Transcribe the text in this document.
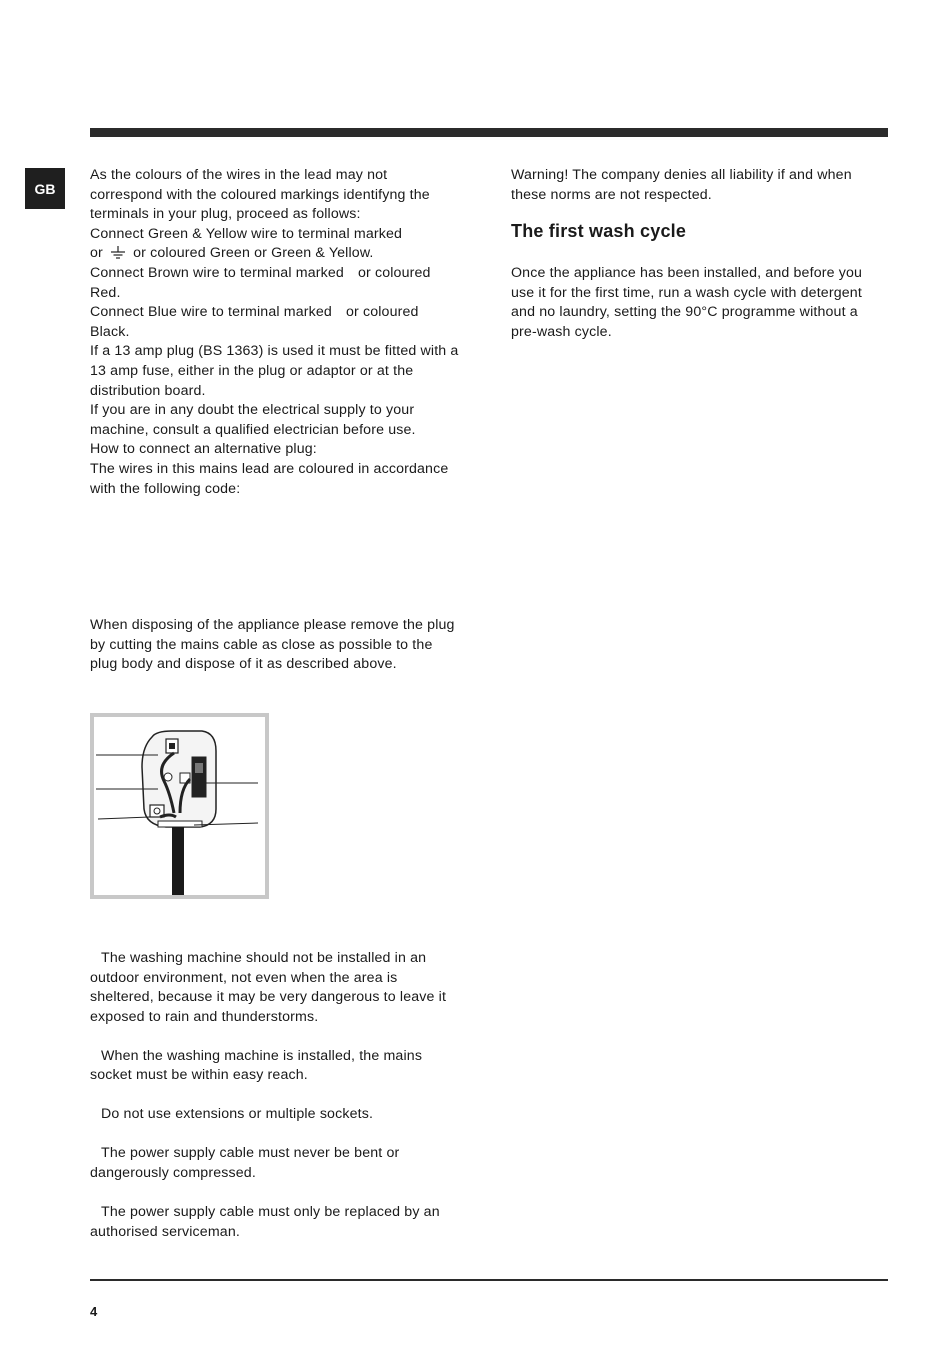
GB

As the colours of the wires in the lead may not correspond with the coloured markings identifyng the terminals in your plug, proceed as follows:

Connect Green & Yellow wire to terminal marked

or or coloured Green or Green & Yellow.

Connect Brown wire to terminal marked or coloured Red.

Connect Blue wire to terminal marked or coloured Black.

If a 13 amp plug (BS 1363) is used it must be fitted with a

13 amp fuse, either in the plug or adaptor or at the distribution board.

If you are in any doubt the electrical supply to your machine, consult a qualified electrician before use.

How to connect an alternative plug:

The wires in this mains lead are coloured in accordance with the following code:

When disposing of the appliance please remove the plug by cutting the mains cable as close as possible to the plug body and dispose of it as described above.

The washing machine should not be installed in an outdoor environment, not even when the area is sheltered, because it may be very dangerous to leave it exposed to rain and thunderstorms.

When the washing machine is installed, the mains socket must be within easy reach.

Do not use extensions or multiple sockets.

The power supply cable must never be bent or dangerously compressed.

The power supply cable must only be replaced by an authorised serviceman.

Warning! The company denies all liability if and when these norms are not respected.

The first wash cycle

Once the appliance has been installed, and before you use it for the first time, run a wash cycle with detergent and no laundry, setting the 90°C programme without a pre-wash cycle.

4
